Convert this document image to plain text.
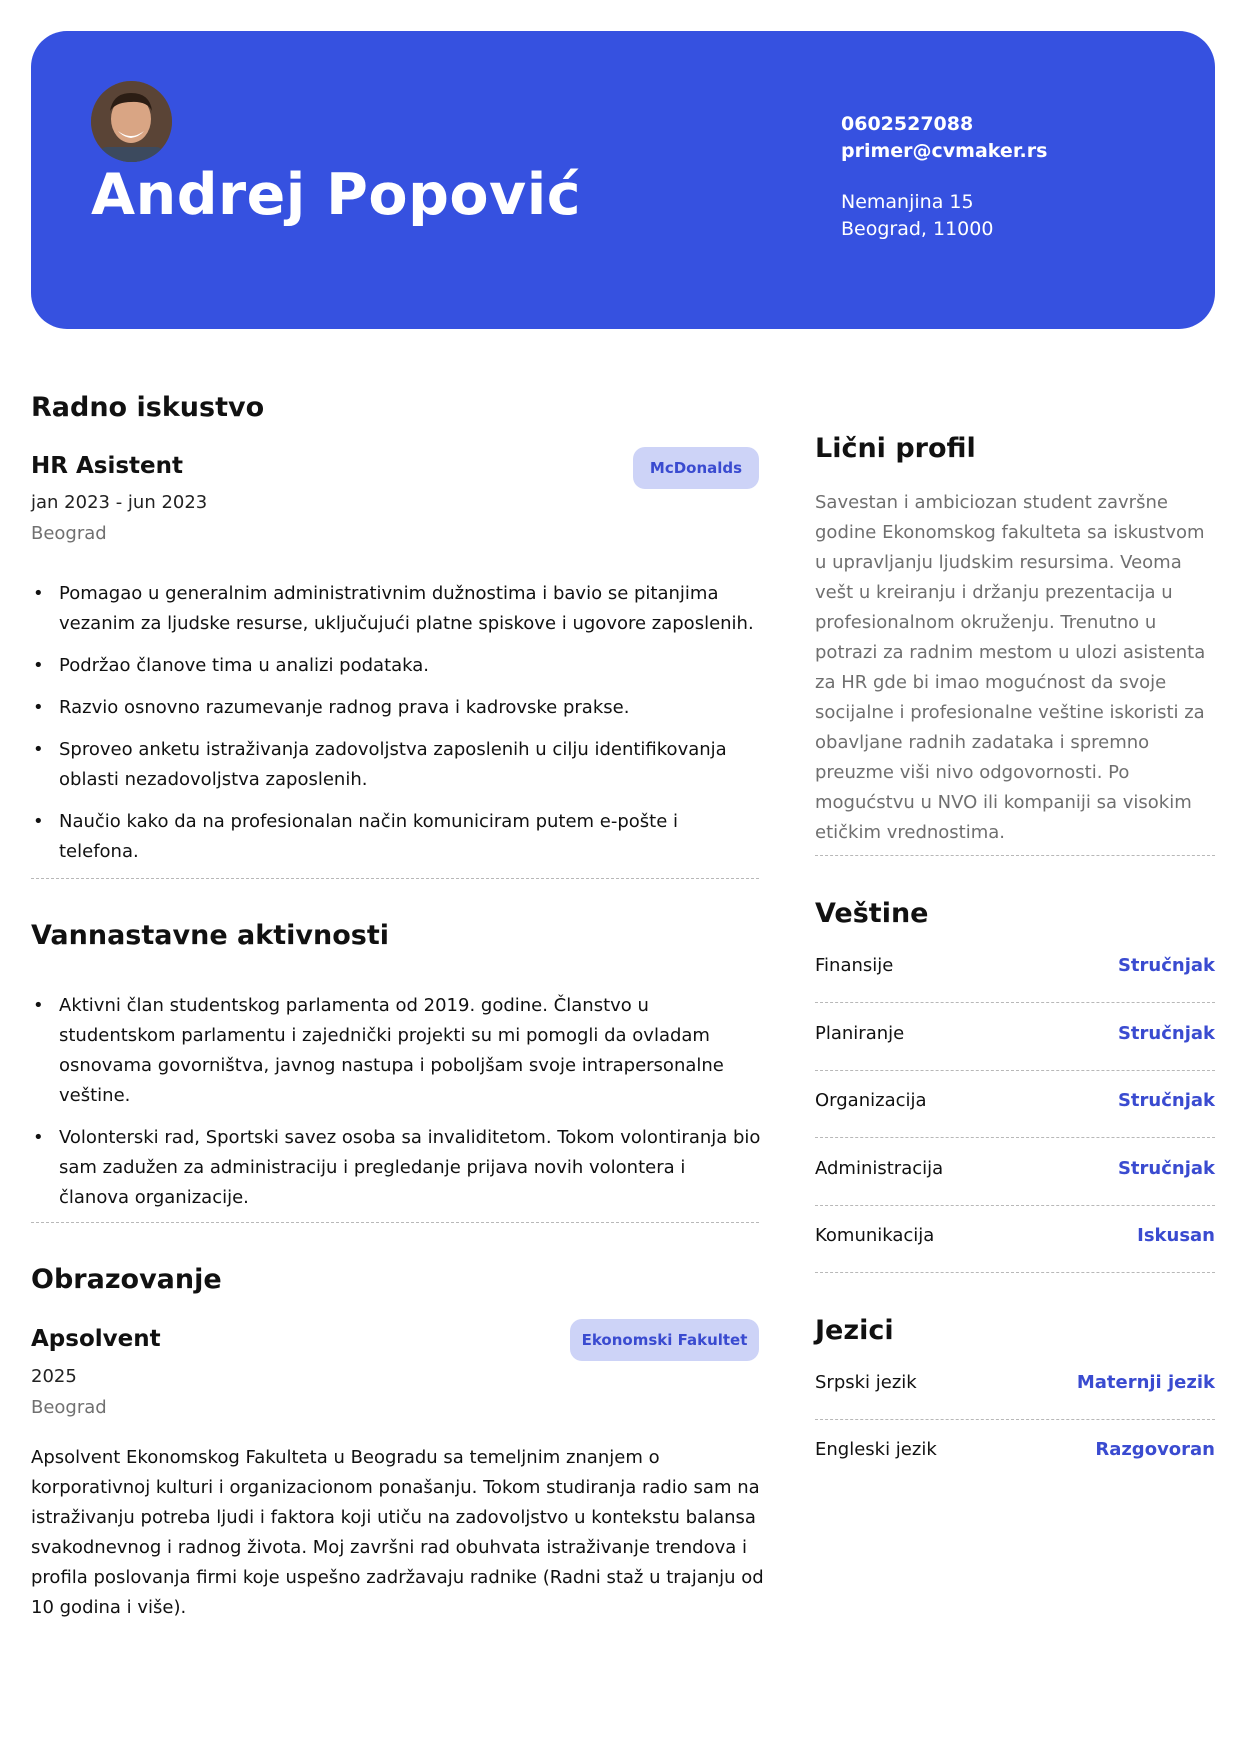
Andrej Popović
0602527088
primer@cvmaker.rs
Nemanjina 15
Beograd, 11000
Radno iskustvo
HR Asistent	McDonalds
jan 2023 - jun 2023
Beograd
• Pomagao u generalnim administrativnim dužnostima i bavio se pitanjima vezanim za ljudske resurse, uključujući platne spiskove i ugovore zaposlenih.
• Podržao članove tima u analizi podataka.
• Razvio osnovno razumevanje radnog prava i kadrovske prakse.
• Sproveo anketu istraživanja zadovoljstva zaposlenih u cilju identifikovanja oblasti nezadovoljstva zaposlenih.
• Naučio kako da na profesionalan način komuniciram putem e-pošte i telefona.
Vannastavne aktivnosti
• Aktivni član studentskog parlamenta od 2019. godine. Članstvo u studentskom parlamentu i zajednički projekti su mi pomogli da ovladam osnovama govorništva, javnog nastupa i poboljšam svoje intrapersonalne veštine.
• Volonterski rad, Sportski savez osoba sa invaliditetom. Tokom volontiranja bio sam zadužen za administraciju i pregledanje prijava novih volontera i članova organizacije.
Obrazovanje
Apsolvent	Ekonomski Fakultet
2025
Beograd
Apsolvent Ekonomskog Fakulteta u Beogradu sa temeljnim znanjem o korporativnoj kulturi i organizacionom ponašanju. Tokom studiranja radio sam na istraživanju potreba ljudi i faktora koji utiču na zadovoljstvo u kontekstu balansa svakodnevnog i radnog života. Moj završni rad obuhvata istraživanje trendova i profila poslovanja firmi koje uspešno zadržavaju radnike (Radni staž u trajanju od 10 godina i više).
Lični profil
Savestan i ambiciozan student završne godine Ekonomskog fakulteta sa iskustvom u upravljanju ljudskim resursima. Veoma vešt u kreiranju i držanju prezentacija u profesionalnom okruženju. Trenutno u potrazi za radnim mestom u ulozi asistenta za HR gde bi imao mogućnost da svoje socijalne i profesionalne veštine iskoristi za obavljane radnih zadataka i spremno preuzme viši nivo odgovornosti. Po mogućstvu u NVO ili kompaniji sa visokim etičkim vrednostima.
Veštine
Finansije	Stručnjak
Planiranje	Stručnjak
Organizacija	Stručnjak
Administracija	Stručnjak
Komunikacija	Iskusan
Jezici
Srpski jezik	Maternji jezik
Engleski jezik	Razgovoran
